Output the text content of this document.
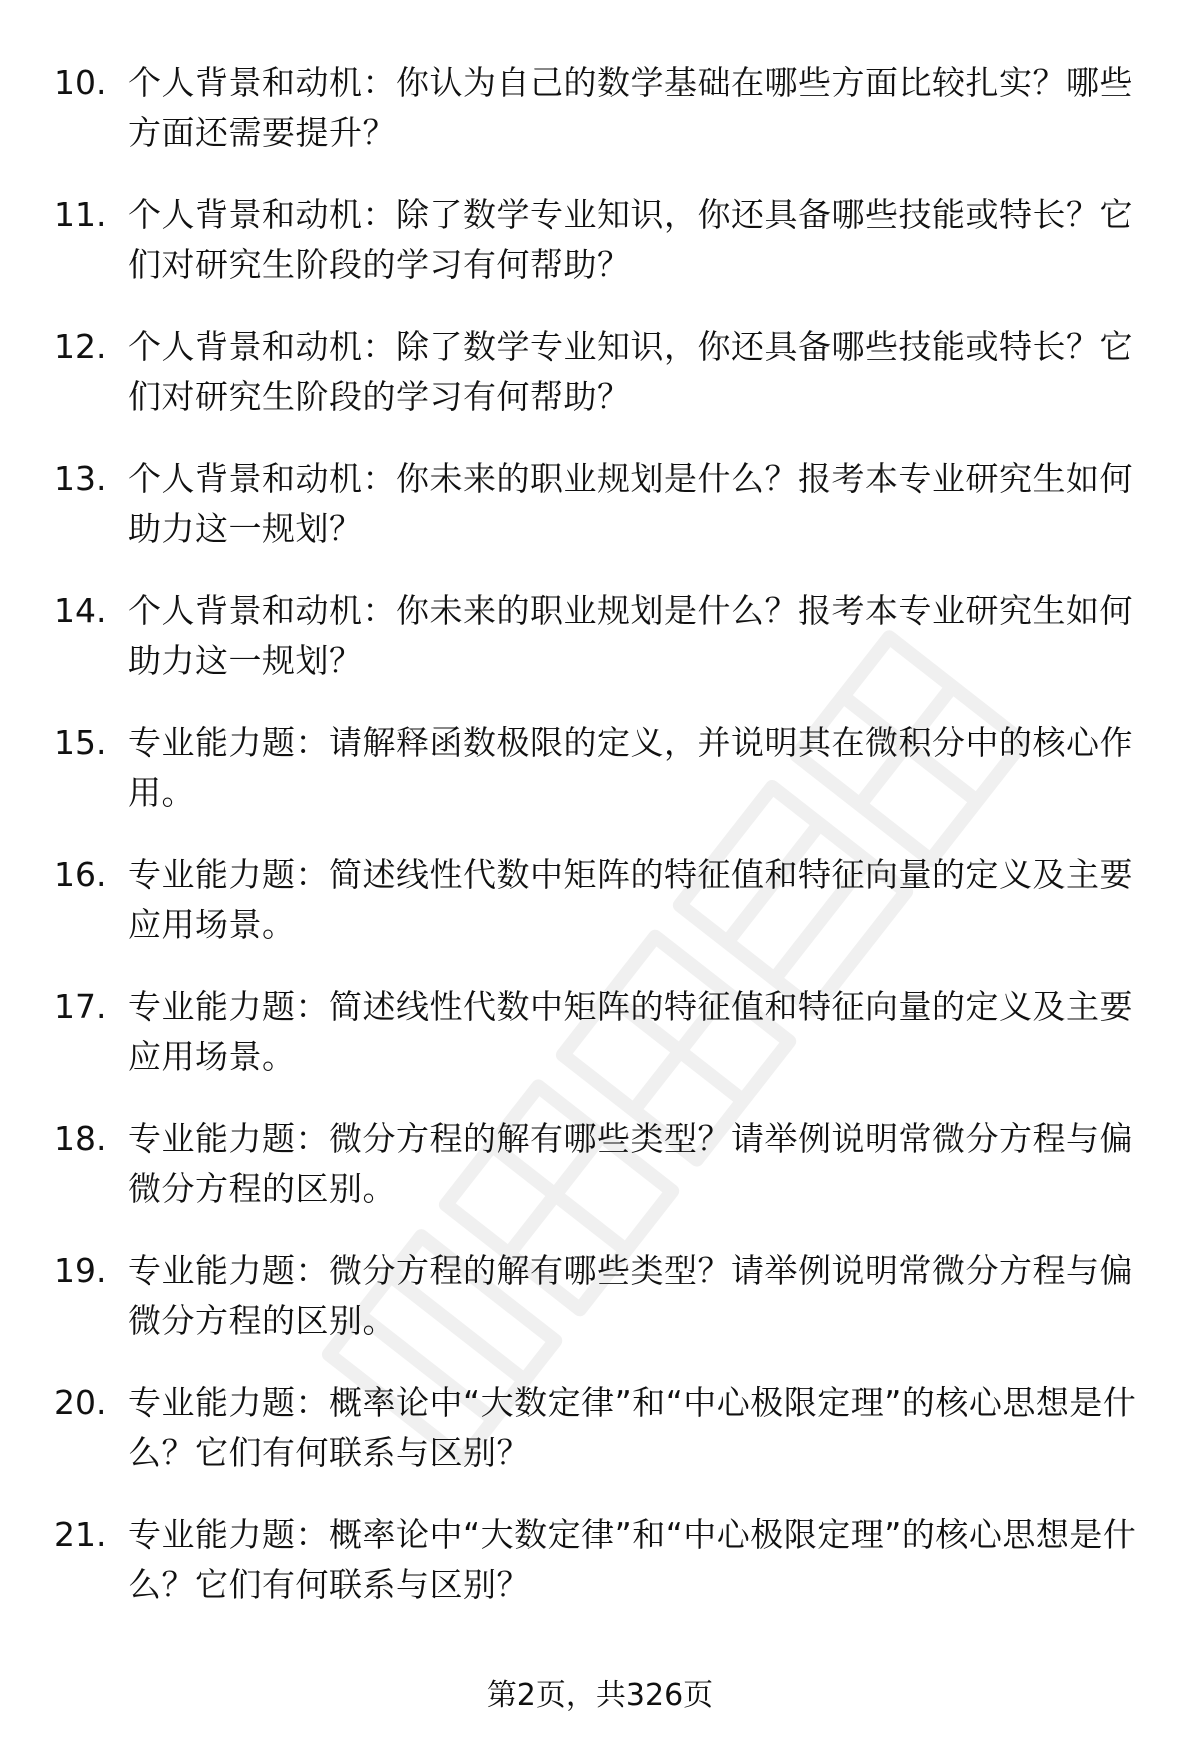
10. 个人背景和动机：你认为自己的数学基础在哪些方面比较扎实？哪些方面还需要提升？
11. 个人背景和动机：除了数学专业知识，你还具备哪些技能或特长？它们对研究生阶段的学习有何帮助？
12. 个人背景和动机：除了数学专业知识，你还具备哪些技能或特长？它们对研究生阶段的学习有何帮助？
13. 个人背景和动机：你未来的职业规划是什么？报考本专业研究生如何助力这一规划？
14. 个人背景和动机：你未来的职业规划是什么？报考本专业研究生如何助力这一规划？
15. 专业能力题：请解释函数极限的定义，并说明其在微积分中的核心作用。
16. 专业能力题：简述线性代数中矩阵的特征值和特征向量的定义及主要应用场景。
17. 专业能力题：简述线性代数中矩阵的特征值和特征向量的定义及主要应用场景。
18. 专业能力题：微分方程的解有哪些类型？请举例说明常微分方程与偏微分方程的区别。
19. 专业能力题：微分方程的解有哪些类型？请举例说明常微分方程与偏微分方程的区别。
20. 专业能力题：概率论中“大数定律”和“中心极限定理”的核心思想是什么？它们有何联系与区别？
21. 专业能力题：概率论中“大数定律”和“中心极限定理”的核心思想是什么？它们有何联系与区别？
第2页，共326页
